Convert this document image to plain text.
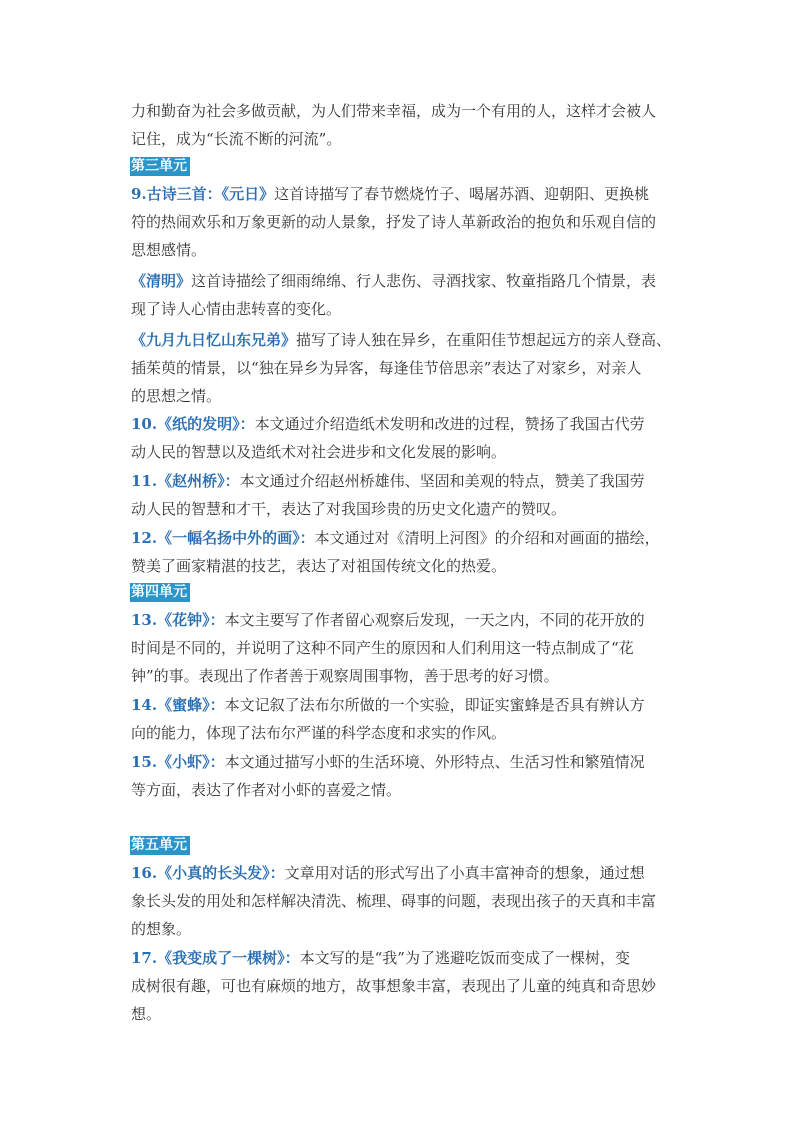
力和勤奋为社会多做贡献，为人们带来幸福，成为一个有用的人，这样才会被人
记住，成为“长流不断的河流”。
第三单元
9.古诗三首：《元日》这首诗描写了春节燃烧竹子、喝屠苏酒、迎朝阳、更换桃
符的热闹欢乐和万象更新的动人景象，抒发了诗人革新政治的抱负和乐观自信的
思想感情。
《清明》这首诗描绘了细雨绵绵、行人悲伤、寻酒找家、牧童指路几个情景，表
现了诗人心情由悲转喜的变化。
《九月九日忆山东兄弟》描写了诗人独在异乡，在重阳佳节想起远方的亲人登高、
插茱萸的情景，以“独在异乡为异客，每逢佳节倍思亲”表达了对家乡，对亲人
的思想之情。
10.《纸的发明》：本文通过介绍造纸术发明和改进的过程，赞扬了我国古代劳
动人民的智慧以及造纸术对社会进步和文化发展的影响。
11.《赵州桥》：本文通过介绍赵州桥雄伟、坚固和美观的特点，赞美了我国劳
动人民的智慧和才干，表达了对我国珍贵的历史文化遗产的赞叹。
12.《一幅名扬中外的画》：本文通过对《清明上河图》的介绍和对画面的描绘，
赞美了画家精湛的技艺，表达了对祖国传统文化的热爱。
第四单元
13.《花钟》：本文主要写了作者留心观察后发现，一天之内，不同的花开放的
时间是不同的，并说明了这种不同产生的原因和人们利用这一特点制成了“花
钟”的事。表现出了作者善于观察周围事物，善于思考的好习惯。
14.《蜜蜂》：本文记叙了法布尔所做的一个实验，即证实蜜蜂是否具有辨认方
向的能力，体现了法布尔严谨的科学态度和求实的作风。
15.《小虾》：本文通过描写小虾的生活环境、外形特点、生活习性和繁殖情况
等方面，表达了作者对小虾的喜爱之情。
第五单元
16.《小真的长头发》：文章用对话的形式写出了小真丰富神奇的想象，通过想
象长头发的用处和怎样解决清洗、梳理、碍事的问题，表现出孩子的天真和丰富
的想象。
17.《我变成了一棵树》：本文写的是“我”为了逃避吃饭而变成了一棵树，变
成树很有趣，可也有麻烦的地方，故事想象丰富，表现出了儿童的纯真和奇思妙
想。
